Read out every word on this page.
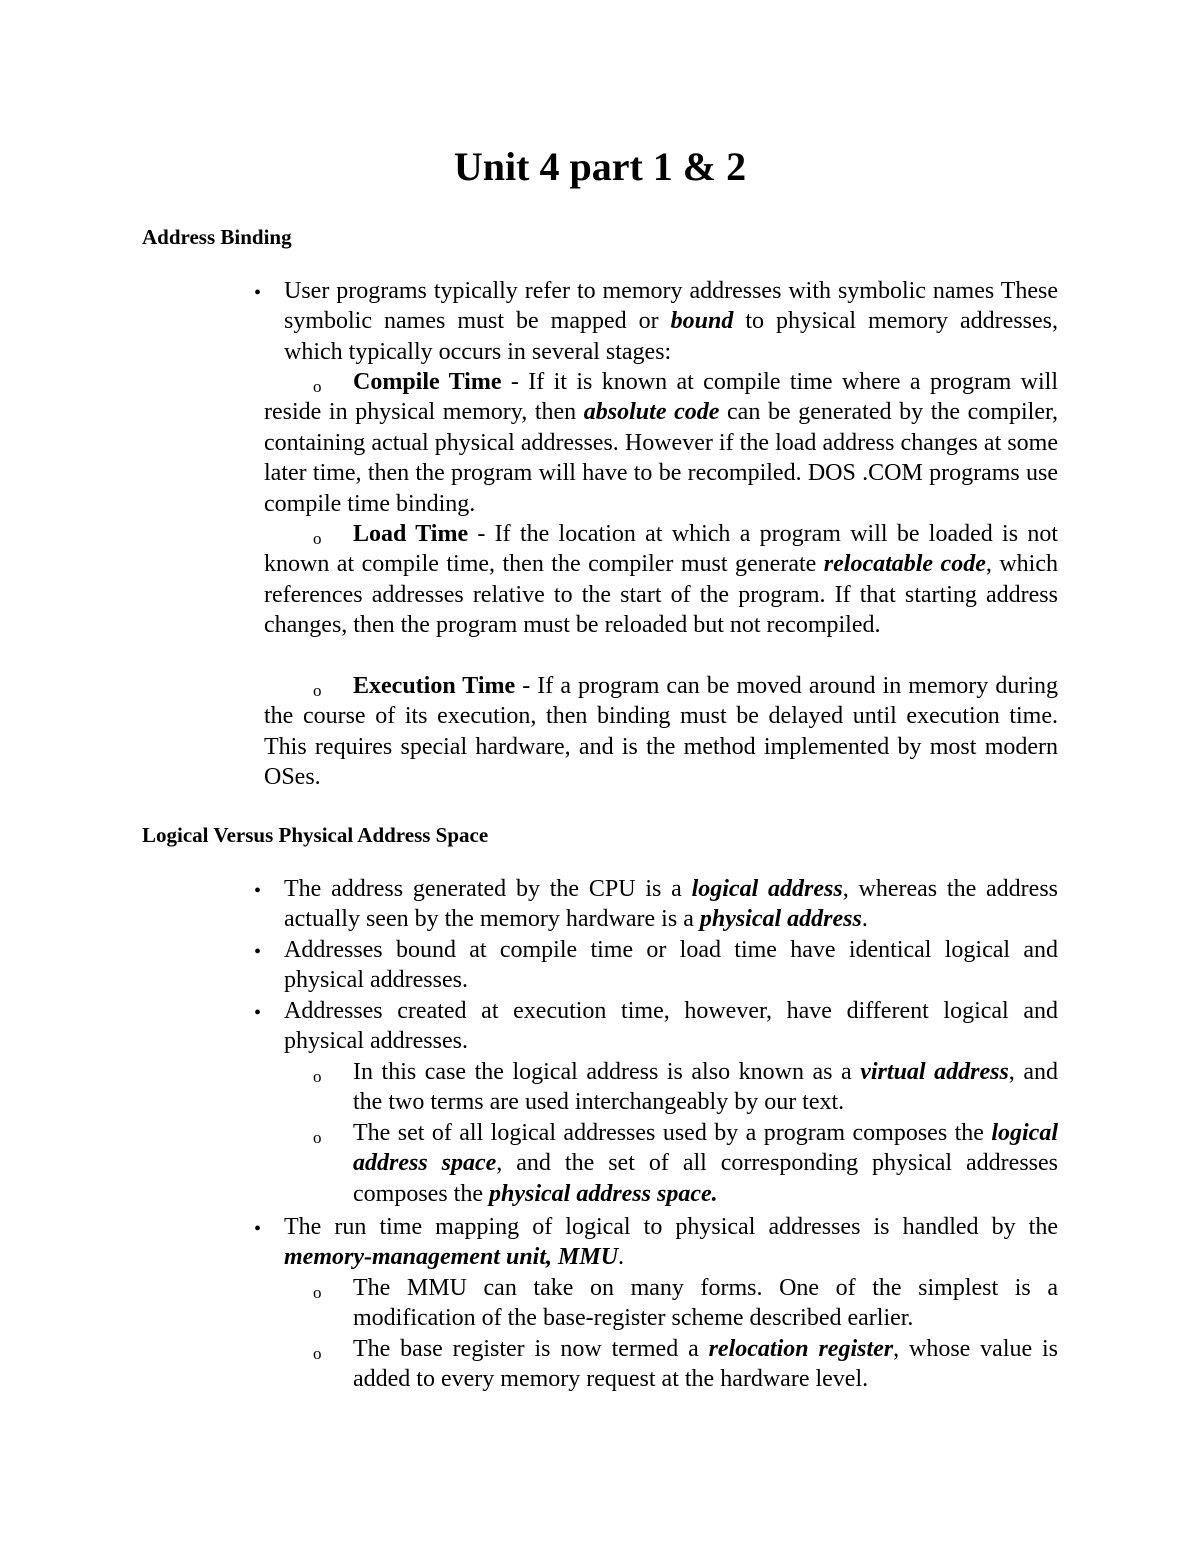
Unit 4 part 1 & 2
Address Binding
• User programs typically refer to memory addresses with symbolic names These symbolic names must be mapped or bound to physical memory addresses, which typically occurs in several stages:

o	Compile Time - If it is known at compile time where a program will reside in physical memory, then absolute code can be generated by the compiler, containing actual physical addresses. However if the load address changes at some later time, then the program will have to be recompiled. DOS .COM programs use compile time binding.

o	Load Time - If the location at which a program will be loaded is not known at compile time, then the compiler must generate relocatable code, which references addresses relative to the start of the program. If that starting address changes, then the program must be reloaded but not recompiled.

o	Execution Time - If a program can be moved around in memory during the course of its execution, then binding must be delayed until execution time. This requires special hardware, and is the method implemented by most modern OSes.

Logical Versus Physical Address Space
• The address generated by the CPU is a logical address, whereas the address actually seen by the memory hardware is a physical address.

• Addresses bound at compile time or load time have identical logical and physical addresses.

• Addresses created at execution time, however, have different logical and physical addresses.

o In this case the logical address is also known as a virtual address, and the two terms are used interchangeably by our text.

o The set of all logical addresses used by a program composes the logical address space, and the set of all corresponding physical addresses composes the physical address space.

• The run time mapping of logical to physical addresses is handled by the memory-management unit, MMU.

o The MMU can take on many forms. One of the simplest is a modification of the base-register scheme described earlier.

o The base register is now termed a relocation register, whose value is added to every memory request at the hardware level.
